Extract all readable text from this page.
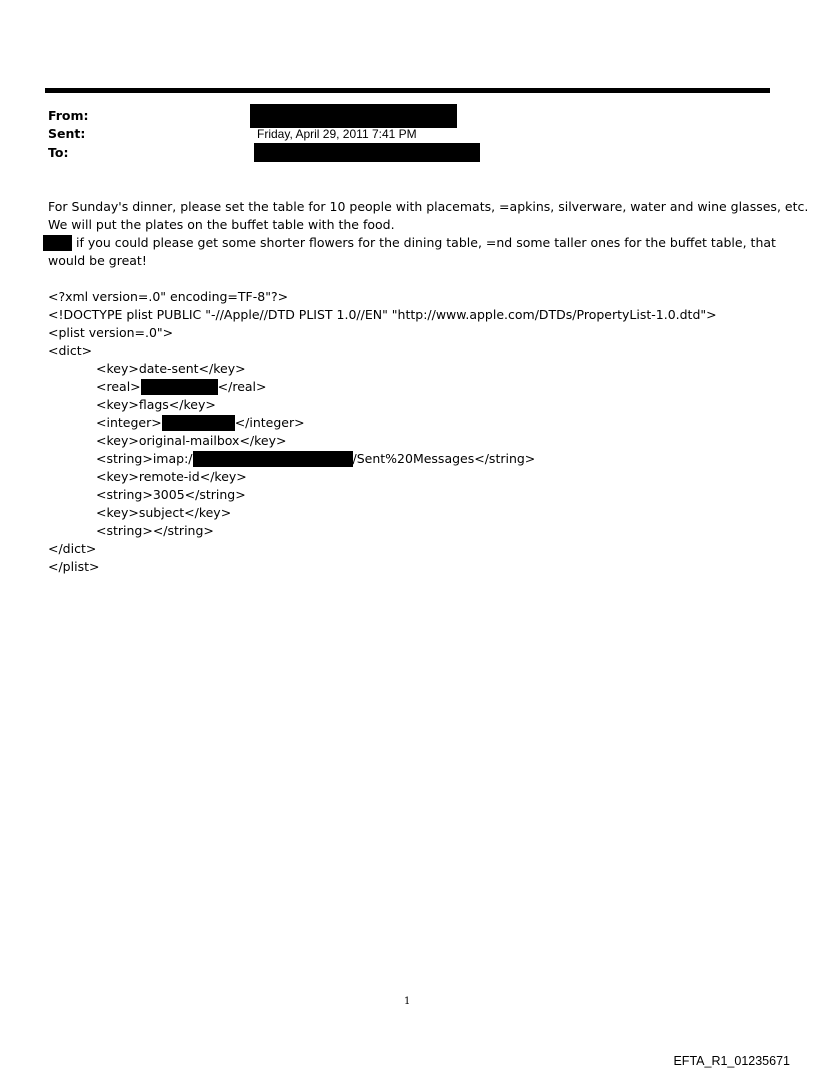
From:
Sent:	Friday, April 29, 2011 7:41 PM
To:
For Sunday's dinner, please set the table for 10 people with placemats, =apkins, silverware, water and wine glasses, etc.
We will put the plates on the buffet table with the food.
if you could please get some shorter flowers for the dining table, =nd some taller ones for the buffet table, that
would be great!
<?xml version=.0" encoding=TF-8"?>
<!DOCTYPE plist PUBLIC "-//Apple//DTD PLIST 1.0//EN" "http://www.apple.com/DTDs/PropertyList-1.0.dtd">
<plist version=.0">
<dict>
<key>date-sent</key>
<real>	</real>
<key>flags</key>
<integer>	</integer>
<key>original-mailbox</key>
<string>imap:/	/Sent%20Messages</string>
<key>remote-id</key>
<string>3005</string>
<key>subject</key>
<string></string>
</dict>
</plist>
1
EFTA_R1_01235671
